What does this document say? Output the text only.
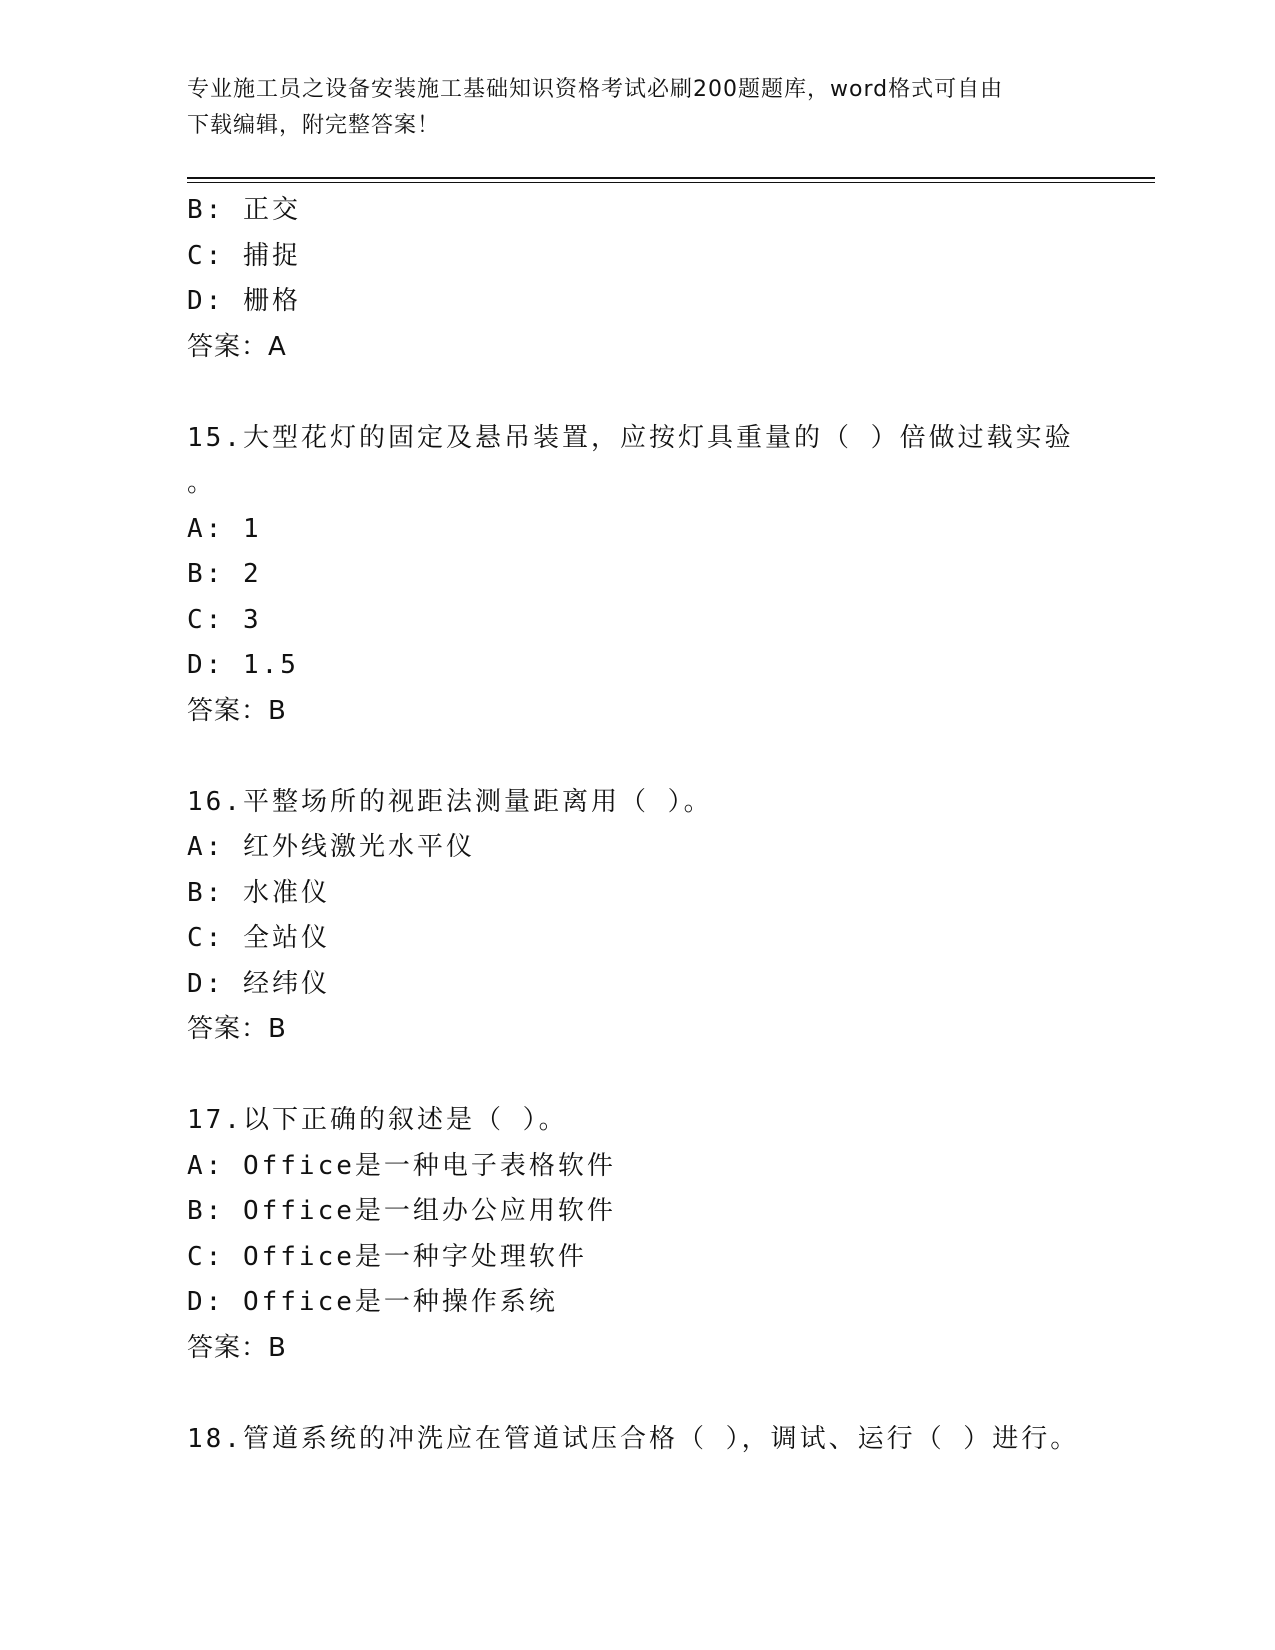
专业施工员之设备安装施工基础知识资格考试必刷200题题库，word格式可自由
下载编辑，附完整答案！
B: 正交
C: 捕捉
D: 栅格
答案：A
15.大型花灯的固定及悬吊装置，应按灯具重量的（ ）倍做过载实验
。
A: 1
B: 2
C: 3
D: 1.5
答案：B
16.平整场所的视距法测量距离用（ ）。
A: 红外线激光水平仪
B: 水准仪
C: 全站仪
D: 经纬仪
答案：B
17.以下正确的叙述是（ ）。
A: Office是一种电子表格软件
B: Office是一组办公应用软件
C: Office是一种字处理软件
D: Office是一种操作系统
答案：B
18.管道系统的冲洗应在管道试压合格（ ），调试、运行（ ）进行。
